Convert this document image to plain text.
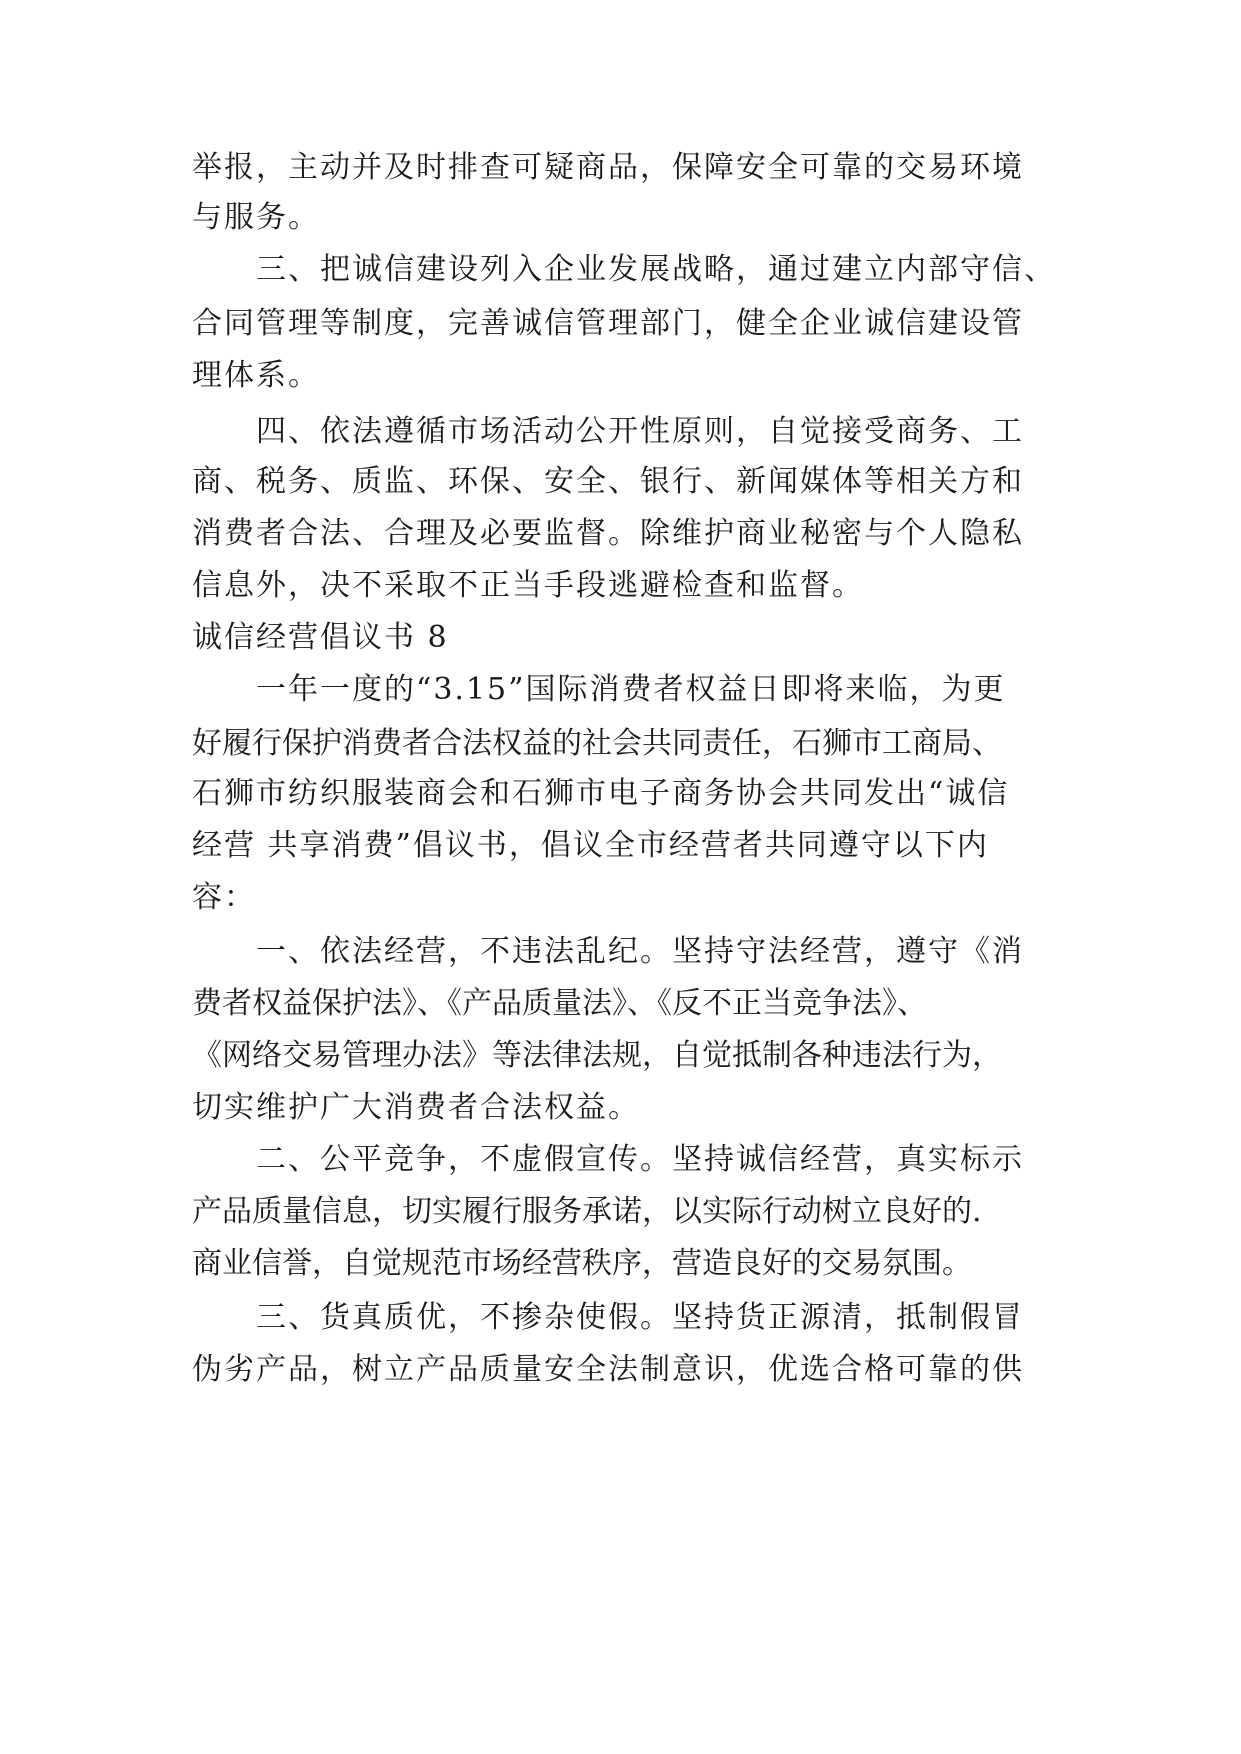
举报，主动并及时排查可疑商品，保障安全可靠的交易环境
与服务。
三、把诚信建设列入企业发展战略，通过建立内部守信、
合同管理等制度，完善诚信管理部门，健全企业诚信建设管
理体系。
四、依法遵循市场活动公开性原则，自觉接受商务、工
商、税务、质监、环保、安全、银行、新闻媒体等相关方和
消费者合法、合理及必要监督。除维护商业秘密与个人隐私
信息外，决不采取不正当手段逃避检查和监督。
诚信经营倡议书 8
一年一度的“3.15”国际消费者权益日即将来临，为更
好履行保护消费者合法权益的社会共同责任，石狮市工商局、
石狮市纺织服装商会和石狮市电子商务协会共同发出“诚信
经营 共享消费”倡议书，倡议全市经营者共同遵守以下内
容：
一、依法经营，不违法乱纪。坚持守法经营，遵守《消
费者权益保护法》、《产品质量法》、《反不正当竞争法》、
《网络交易管理办法》等法律法规，自觉抵制各种违法行为，
切实维护广大消费者合法权益。
二、公平竞争，不虚假宣传。坚持诚信经营，真实标示
产品质量信息，切实履行服务承诺，以实际行动树立良好的.
商业信誉，自觉规范市场经营秩序，营造良好的交易氛围。
三、货真质优，不掺杂使假。坚持货正源清，抵制假冒
伪劣产品，树立产品质量安全法制意识，优选合格可靠的供
